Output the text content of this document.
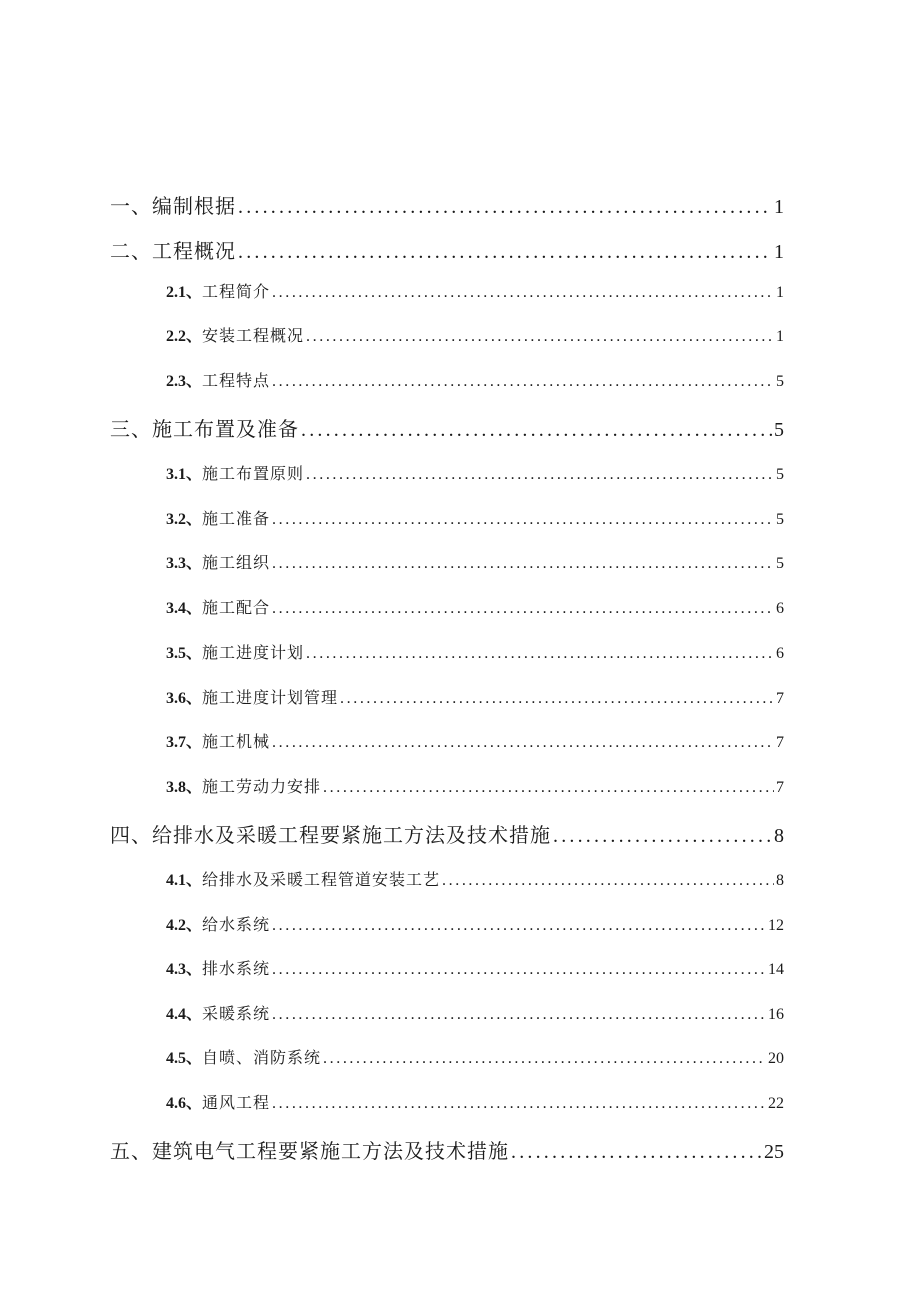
一、编制根据 .....	1
二、工程概况 .....	1
2.1、 工程简介 .....	1
2.2、 安装工程概况 .....	1
2.3、 工程特点 .....	5
三、施工布置及准备 .....	5
3.1、 施工布置原则 .....	5
3.2、 施工准备 .....	5
3.3、 施工组织 .....	5
3.4、 施工配合 .....	6
3.5、 施工进度计划 .....	6
3.6、 施工进度计划管理 .....	7
3.7、 施工机械 .....	7
3.8、 施工劳动力安排 .....	7
四、给排水及采暖工程要紧施工方法及技术措施 .....	8
4.1、 给排水及采暖工程管道安装工艺 .....	8
4.2、 给水系统 .....	12
4.3、 排水系统 .....	14
4.4、 采暖系统 .....	16
4.5、 自喷、消防系统 .....	20
4.6、 通风工程 .....	22
五、建筑电气工程要紧施工方法及技术措施 .....	25
